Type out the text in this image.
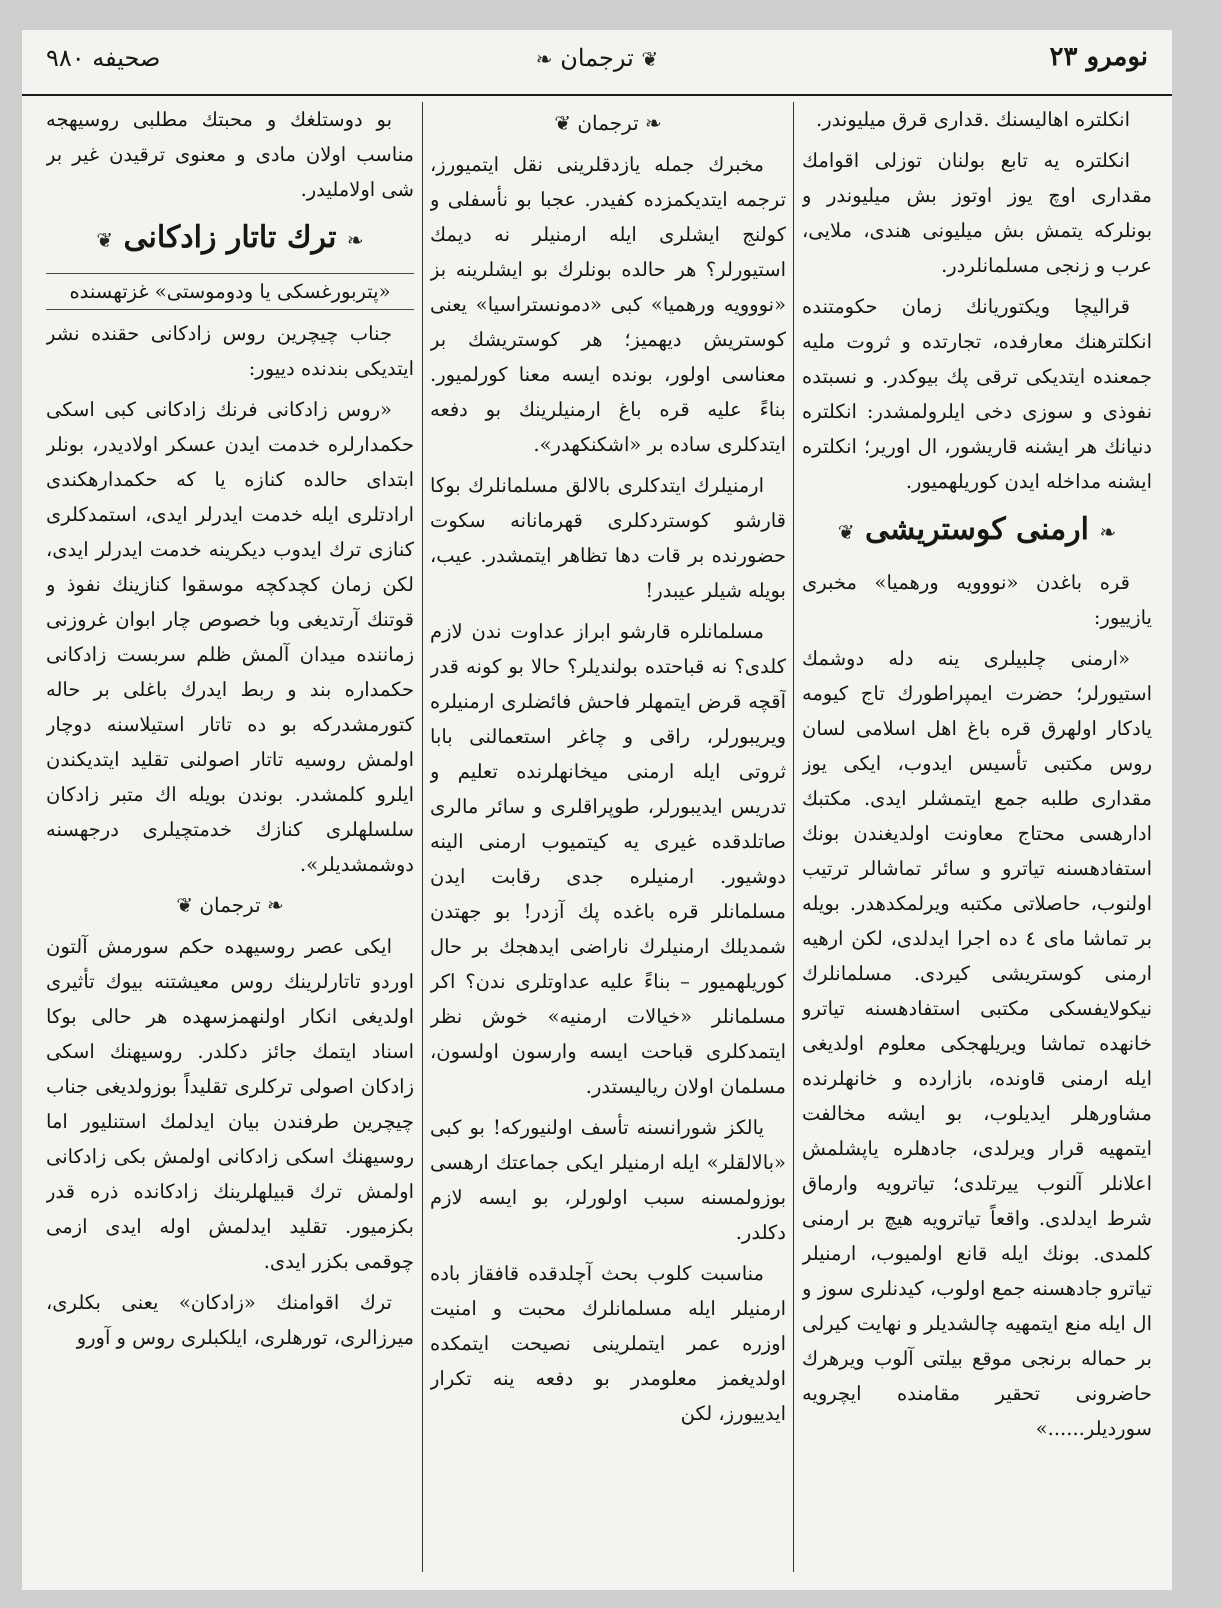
نومرو ٢٣
❦ ترجمان ❧
صحیفه ٩٨٠

انکلتره اهالیسنك .قداری قرق میلیوندر.

انکلتره یه تابع بولنان توزلی اقوامك مقداری اوچ یوز اوتوز بش میلیوندر و بونلرکه یتمش بش میلیونی هندی، ملایی، عرب و زنجی مسلمانلردر.

قرالیچا ویکتوریانك زمان حکومتنده انکلترهنك معارفده، تجارتده و ثروت ملیه جمعنده ایتدیکی ترقی پك بیوکدر. و نسبتده نفوذی و سوزی دخی ایلرولمشدر: انکلتره دنیانك هر ایشنه قاریشور، ال اوریر؛ انکلتره ایشنه مداخله ایدن کوریلهمیور.

❧ ارمنی کوستریشی ❦

قره باغدن «نووویه ورهمیا» مخبری یازییور:

«ارمنی چلبیلری ینه دله دوشمك استیورلر؛ حضرت ایمپراطورك تاج کیومه یادکار اولهرق قره باغ اهل اسلامی لسان روس مکتبی تأسیس ایدوب، ایکی یوز مقداری طلبه جمع ایتمشلر ایدی. مکتبك ادارهسی محتاج معاونت اولدیغندن بونك استفادهسنه تیاترو و سائر تماشالر ترتیب اولنوب، حاصلاتی مکتبه ویرلمکدهدر. بویله بر تماشا مای ٤ ده اجرا ایدلدی، لکن ارهیه ارمنی کوستریشی کیردی. مسلمانلرك نیکولایفسکی مکتبی استفادهسنه تیاترو خانهده تماشا ویریلهجکی معلوم اولدیغی ایله ارمنی قاونده، بازارده و خانهلرنده مشاورهلر ایدیلوب، بو ایشه مخالفت ایتمهیه قرار ویرلدی، جادهلره یاپشلمش اعلانلر آلنوب ییرتلدی؛ تیاترویه وارماق شرط ایدلدی. واقعاً تیاترویه هیچ بر ارمنی کلمدی. بونك ایله قانع اولمیوب، ارمنیلر تیاترو جادهسنه جمع اولوب، کیدنلری سوز و ال ایله منع ایتمهیه چالشدیلر و نهایت کیرلی بر حماله برنجی موقع بیلتی آلوب ویرهرك حاضرونی تحقیر مقامنده ایچرویه سوردیلر......»

❧ ترجمان ❦

مخبرك جمله یازدقلرینی نقل ایتمیورز، ترجمه ایتدیکمزده کفیدر. عجبا بو نأسفلی و کولنج ایشلری ایله ارمنیلر نه دیمك استیورلر؟ هر حالده بونلرك بو ایشلرینه بز «نووویه ورهمیا» کبی «دمونستراسیا» یعنی کوستریش دیهمیز؛ هر کوستریشك بر معناسی اولور، بونده ایسه معنا کورلمیور. بناءً علیه قره باغ ارمنیلرینك بو دفعه ایتدکلری ساده بر «اشکنکهدر».

ارمنیلرك ایتدکلری بالالق مسلمانلرك بوکا قارشو کوستردکلری قهرمانانه سکوت حضورنده بر قات دها تظاهر ایتمشدر. عیب، بویله شیلر عیبدر!

مسلمانلره قارشو ابراز عداوت ندن لازم کلدی؟ نه قباحتده بولندیلر؟ حالا بو کونه قدر آقچه قرض ایتمهلر فاحش فائضلری ارمنیلره ویریبورلر، راقی و چاغر استعمالنی بابا ثروتی ایله ارمنی میخانهلرنده تعلیم و تدریس ایدیبورلر، طوپراقلری و سائر مالری صاتلدقده غیری یه کیتمیوب ارمنی الینه دوشیور. ارمنیلره جدی رقابت ایدن مسلمانلر قره باغده پك آزدر! بو جهتدن شمدیلك ارمنیلرك ناراضی ایدهجك بر حال کوریلهمیور – بناءً علیه عداوتلری ندن؟ اکر مسلمانلر «خیالات ارمنیه» خوش نظر ایتمدکلری قباحت ایسه وارسون اولسون، مسلمان اولان ریالیستدر.

یالکز شورانسنه تأسف اولنیورکه! بو کبی «بالالقلر» ایله ارمنیلر ایکی جماعتك ارهسی بوزولمسنه سبب اولورلر، بو ایسه لازم دکلدر.

مناسبت کلوب بحث آچلدقده قافقاز باده ارمنیلر ایله مسلمانلرك محبت و امنیت اوزره عمر ایتملرینی نصیحت ایتمکده اولدیغمز معلومدر بو دفعه ینه تکرار ایدییورز، لکن

بو دوستلغك و محبتك مطلبی روسیهجه مناسب اولان مادی و معنوی ترقیدن غیر بر شی اولاملیدر.

❧ ترك تاتار زادکانی ❦
«پتربورغسکی یا ودوموستی» غزتهسنده

جناب چیچرین روس زادکانی حقنده نشر ایتدیکی بندنده دییور:

«روس زادکانی فرنك زادکانی کبی اسکی حکمدارلره خدمت ایدن عسکر اولادیدر، بونلر ابتدای حالده کنازه یا که حکمدارهکندی ارادتلری ایله خدمت ایدرلر ایدی، استمدکلری کنازی ترك ایدوب دیکرینه خدمت ایدرلر ایدی، لکن زمان کچدکچه موسقوا کنازینك نفوذ و قوتنك آرتدیغی وبا خصوص چار ابوان غروزنی زماننده میدان آلمش ظلم سربست زادکانی حکمداره بند و ربط ایدرك باغلی بر حاله کتورمشدرکه بو ده تاتار استیلاسنه دوچار اولمش روسیه تاتار اصولنی تقلید ایتدیکندن ایلرو کلمشدر. بوندن بویله اك متبر زادکان سلسلهلری کنازك خدمتچیلری درجهسنه دوشمشدیلر».

❧ ترجمان ❦

ایکی عصر روسیهده حکم سورمش آلتون اوردو تاتارلرینك روس معیشتنه بیوك تأثیری اولدیغی انکار اولنهمزسهده هر حالی بوکا اسناد ایتمك جائز دکلدر. روسیهنك اسکی زادکان اصولی ترکلری تقلیداً بوزولدیغی جناب چیچرین طرفندن بیان ایدلمك استنلیور اما روسیهنك اسکی زادکانی اولمش بکی زادکانی اولمش ترك قبیلهلرینك زادکانده ذره قدر بکزمیور. تقلید ایدلمش اوله ایدی ازمی چوقمی بکزر ایدی.

ترك اقوامنك «زادکان» یعنی بکلری، میرزالری، تورهلری، ایلکبلری روس و آورو
